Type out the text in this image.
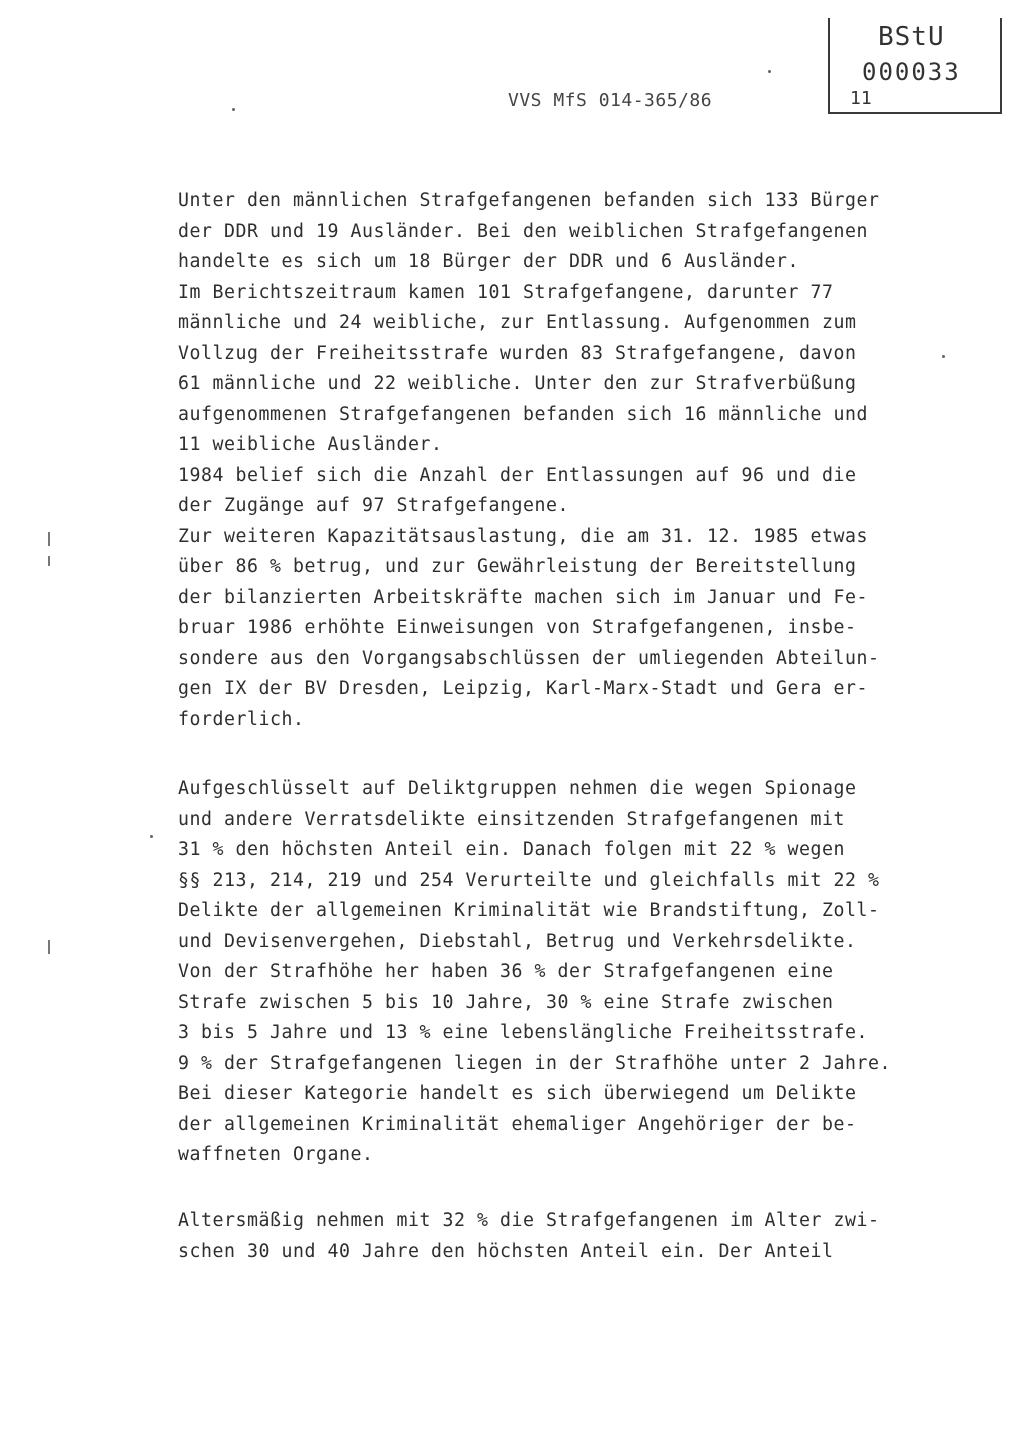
BStU
000033
11
VVS MfS 014-365/86
Unter den männlichen Strafgefangenen befanden sich 133 Bürger
der DDR und 19 Ausländer. Bei den weiblichen Strafgefangenen
handelte es sich um 18 Bürger der DDR und 6 Ausländer.
Im Berichtszeitraum kamen 101 Strafgefangene, darunter 77
männliche und 24 weibliche, zur Entlassung. Aufgenommen zum
Vollzug der Freiheitsstrafe wurden 83 Strafgefangene, davon
61 männliche und 22 weibliche. Unter den zur Strafverbüßung
aufgenommenen Strafgefangenen befanden sich 16 männliche und
11 weibliche Ausländer.
1984 belief sich die Anzahl der Entlassungen auf 96 und die
der Zugänge auf 97 Strafgefangene.
Zur weiteren Kapazitätsauslastung, die am 31. 12. 1985 etwas
über 86 % betrug, und zur Gewährleistung der Bereitstellung
der bilanzierten Arbeitskräfte machen sich im Januar und Fe-
bruar 1986 erhöhte Einweisungen von Strafgefangenen, insbe-
sondere aus den Vorgangsabschlüssen der umliegenden Abteilun-
gen IX der BV Dresden, Leipzig, Karl-Marx-Stadt und Gera er-
forderlich.
Aufgeschlüsselt auf Deliktgruppen nehmen die wegen Spionage
und andere Verratsdelikte einsitzenden Strafgefangenen mit
31 % den höchsten Anteil ein. Danach folgen mit 22 % wegen
§§ 213, 214, 219 und 254 Verurteilte und gleichfalls mit 22 %
Delikte der allgemeinen Kriminalität wie Brandstiftung, Zoll-
und Devisenvergehen, Diebstahl, Betrug und Verkehrsdelikte.
Von der Strafhöhe her haben 36 % der Strafgefangenen eine
Strafe zwischen 5 bis 10 Jahre, 30 % eine Strafe zwischen
3 bis 5 Jahre und 13 % eine lebenslängliche Freiheitsstrafe.
9 % der Strafgefangenen liegen in der Strafhöhe unter 2 Jahre.
Bei dieser Kategorie handelt es sich überwiegend um Delikte
der allgemeinen Kriminalität ehemaliger Angehöriger der be-
waffneten Organe.
Altersmäßig nehmen mit 32 % die Strafgefangenen im Alter zwi-
schen 30 und 40 Jahre den höchsten Anteil ein. Der Anteil
